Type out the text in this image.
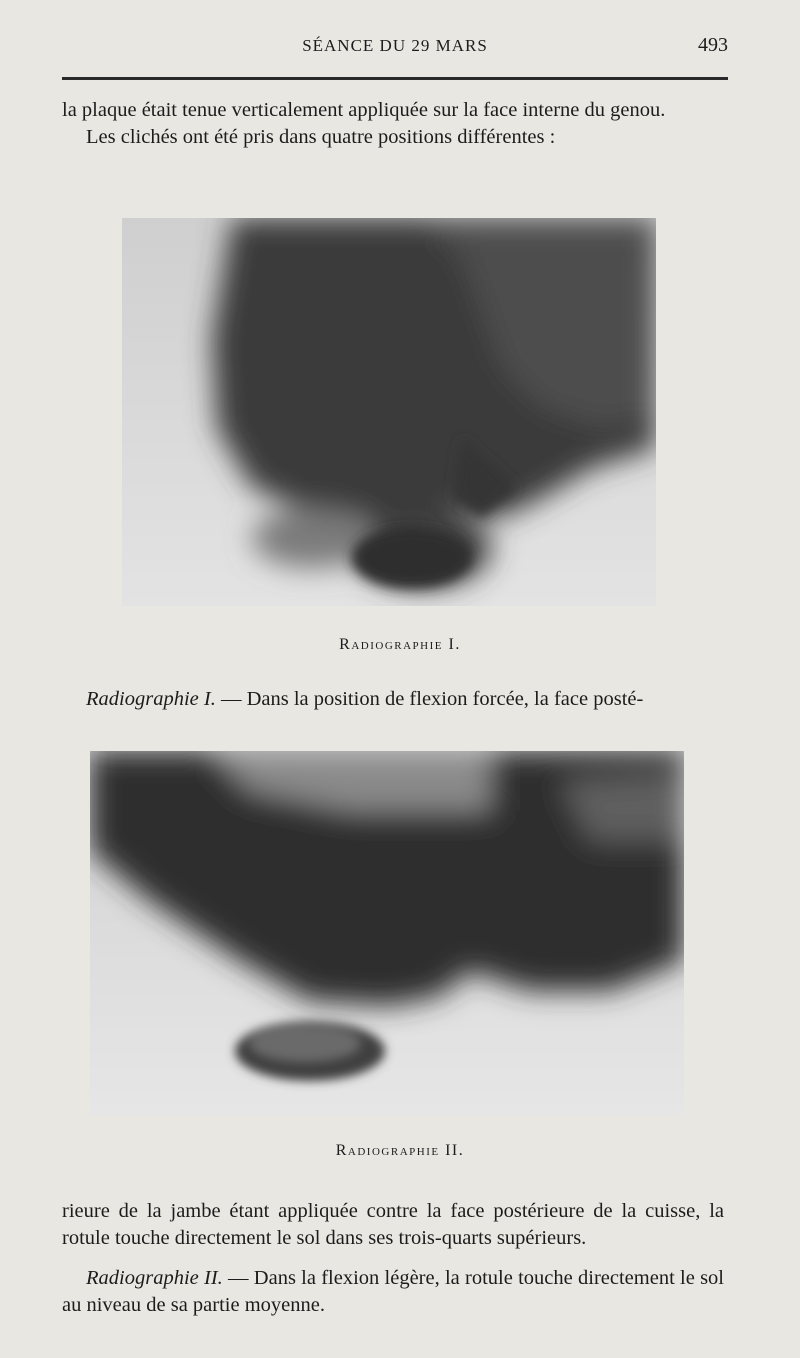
SÉANCE DU 29 MARS	493

la plaque était tenue verticalement appliquée sur la face interne du genou.

Les clichés ont été pris dans quatre positions différentes :

Radiographie I.

Radiographie I. — Dans la position de flexion forcée, la face posté-

Radiographie II.

rieure de la jambe étant appliquée contre la face postérieure de la cuisse, la rotule touche directement le sol dans ses trois-quarts supérieurs.

Radiographie II. — Dans la flexion légère, la rotule touche directement le sol au niveau de sa partie moyenne.
